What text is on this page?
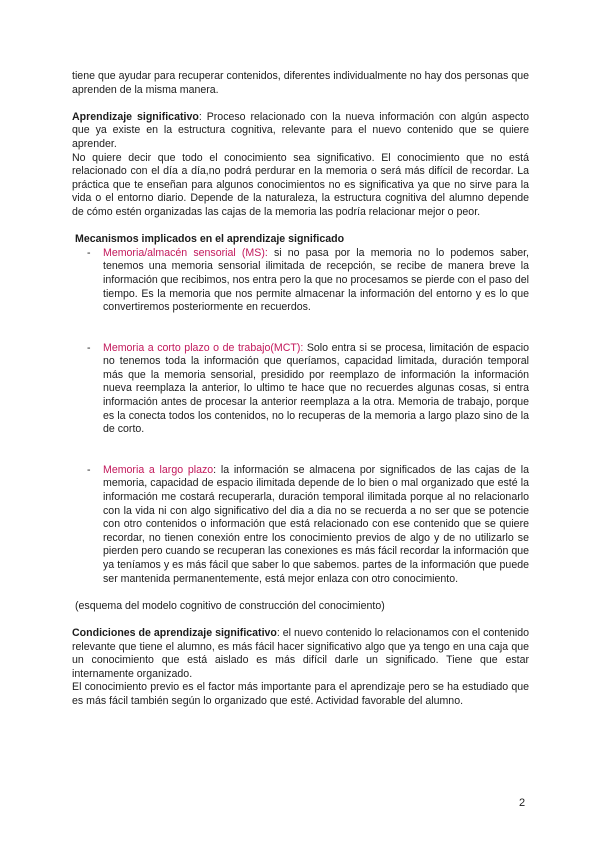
tiene que ayudar para recuperar contenidos, diferentes individualmente no hay dos personas que aprenden de la misma manera.

Aprendizaje significativo: Proceso relacionado con la nueva información con algún aspecto que ya existe en la estructura cognitiva, relevante para el nuevo contenido que se quiere aprender.

No quiere decir que todo el conocimiento sea significativo. El conocimiento que no está relacionado con el día a día,no podrá perdurar en la memoria o será más difícil de recordar. La práctica que te enseñan para algunos conocimientos no es significativa ya que no sirve para la vida o el entorno diario. Depende de la naturaleza, la estructura cognitiva del alumno depende de cómo estén organizadas las cajas de la memoria las podría relacionar mejor o peor.

Mecanismos implicados en el aprendizaje significado

- Memoria/almacén sensorial (MS): si no pasa por la memoria no lo podemos saber, tenemos una memoria sensorial ilimitada de recepción, se recibe de manera breve la información que recibimos, nos entra pero la que no procesamos se pierde con el paso del tiempo. Es la memoria que nos permite almacenar la información del entorno y es lo que convertiremos posteriormente en recuerdos.
- Memoria a corto plazo o de trabajo(MCT): Solo entra si se procesa, limitación de espacio no tenemos toda la información que queríamos, capacidad limitada, duración temporal más que la memoria sensorial, presidido por reemplazo de información la información nueva reemplaza la anterior, lo ultimo te hace que no recuerdes algunas cosas, si entra información antes de procesar la anterior reemplaza a la otra. Memoria de trabajo, porque es la conecta todos los contenidos, no lo recuperas de la memoria a largo plazo sino de la de corto.
- Memoria a largo plazo: la información se almacena por significados de las cajas de la memoria, capacidad de espacio ilimitada depende de lo bien o mal organizado que esté la información me costará recuperarla, duración temporal ilimitada porque al no relacionarlo con la vida ni con algo significativo del dia a dia no se recuerda a no ser que se potencie con otro contenidos o información que está relacionado con ese contenido que se quiere recordar, no tienen conexión entre los conocimiento previos de algo y de no utilizarlo se pierden pero cuando se recuperan las conexiones es más fácil recordar la información que ya teníamos y es más fácil que saber lo que sabemos. partes de la información que puede ser mantenida permanentemente, está mejor enlaza con otro conocimiento.

(esquema del modelo cognitivo de construcción del conocimiento)

Condiciones de aprendizaje significativo: el nuevo contenido lo relacionamos con el contenido relevante que tiene el alumno, es más fácil hacer significativo algo que ya tengo en una caja que un conocimiento que está aislado es más difícil darle un significado. Tiene que estar internamente organizado.

El conocimiento previo es el factor más importante para el aprendizaje pero se ha estudiado que es más fácil también según lo organizado que esté. Actividad favorable del alumno.

2
